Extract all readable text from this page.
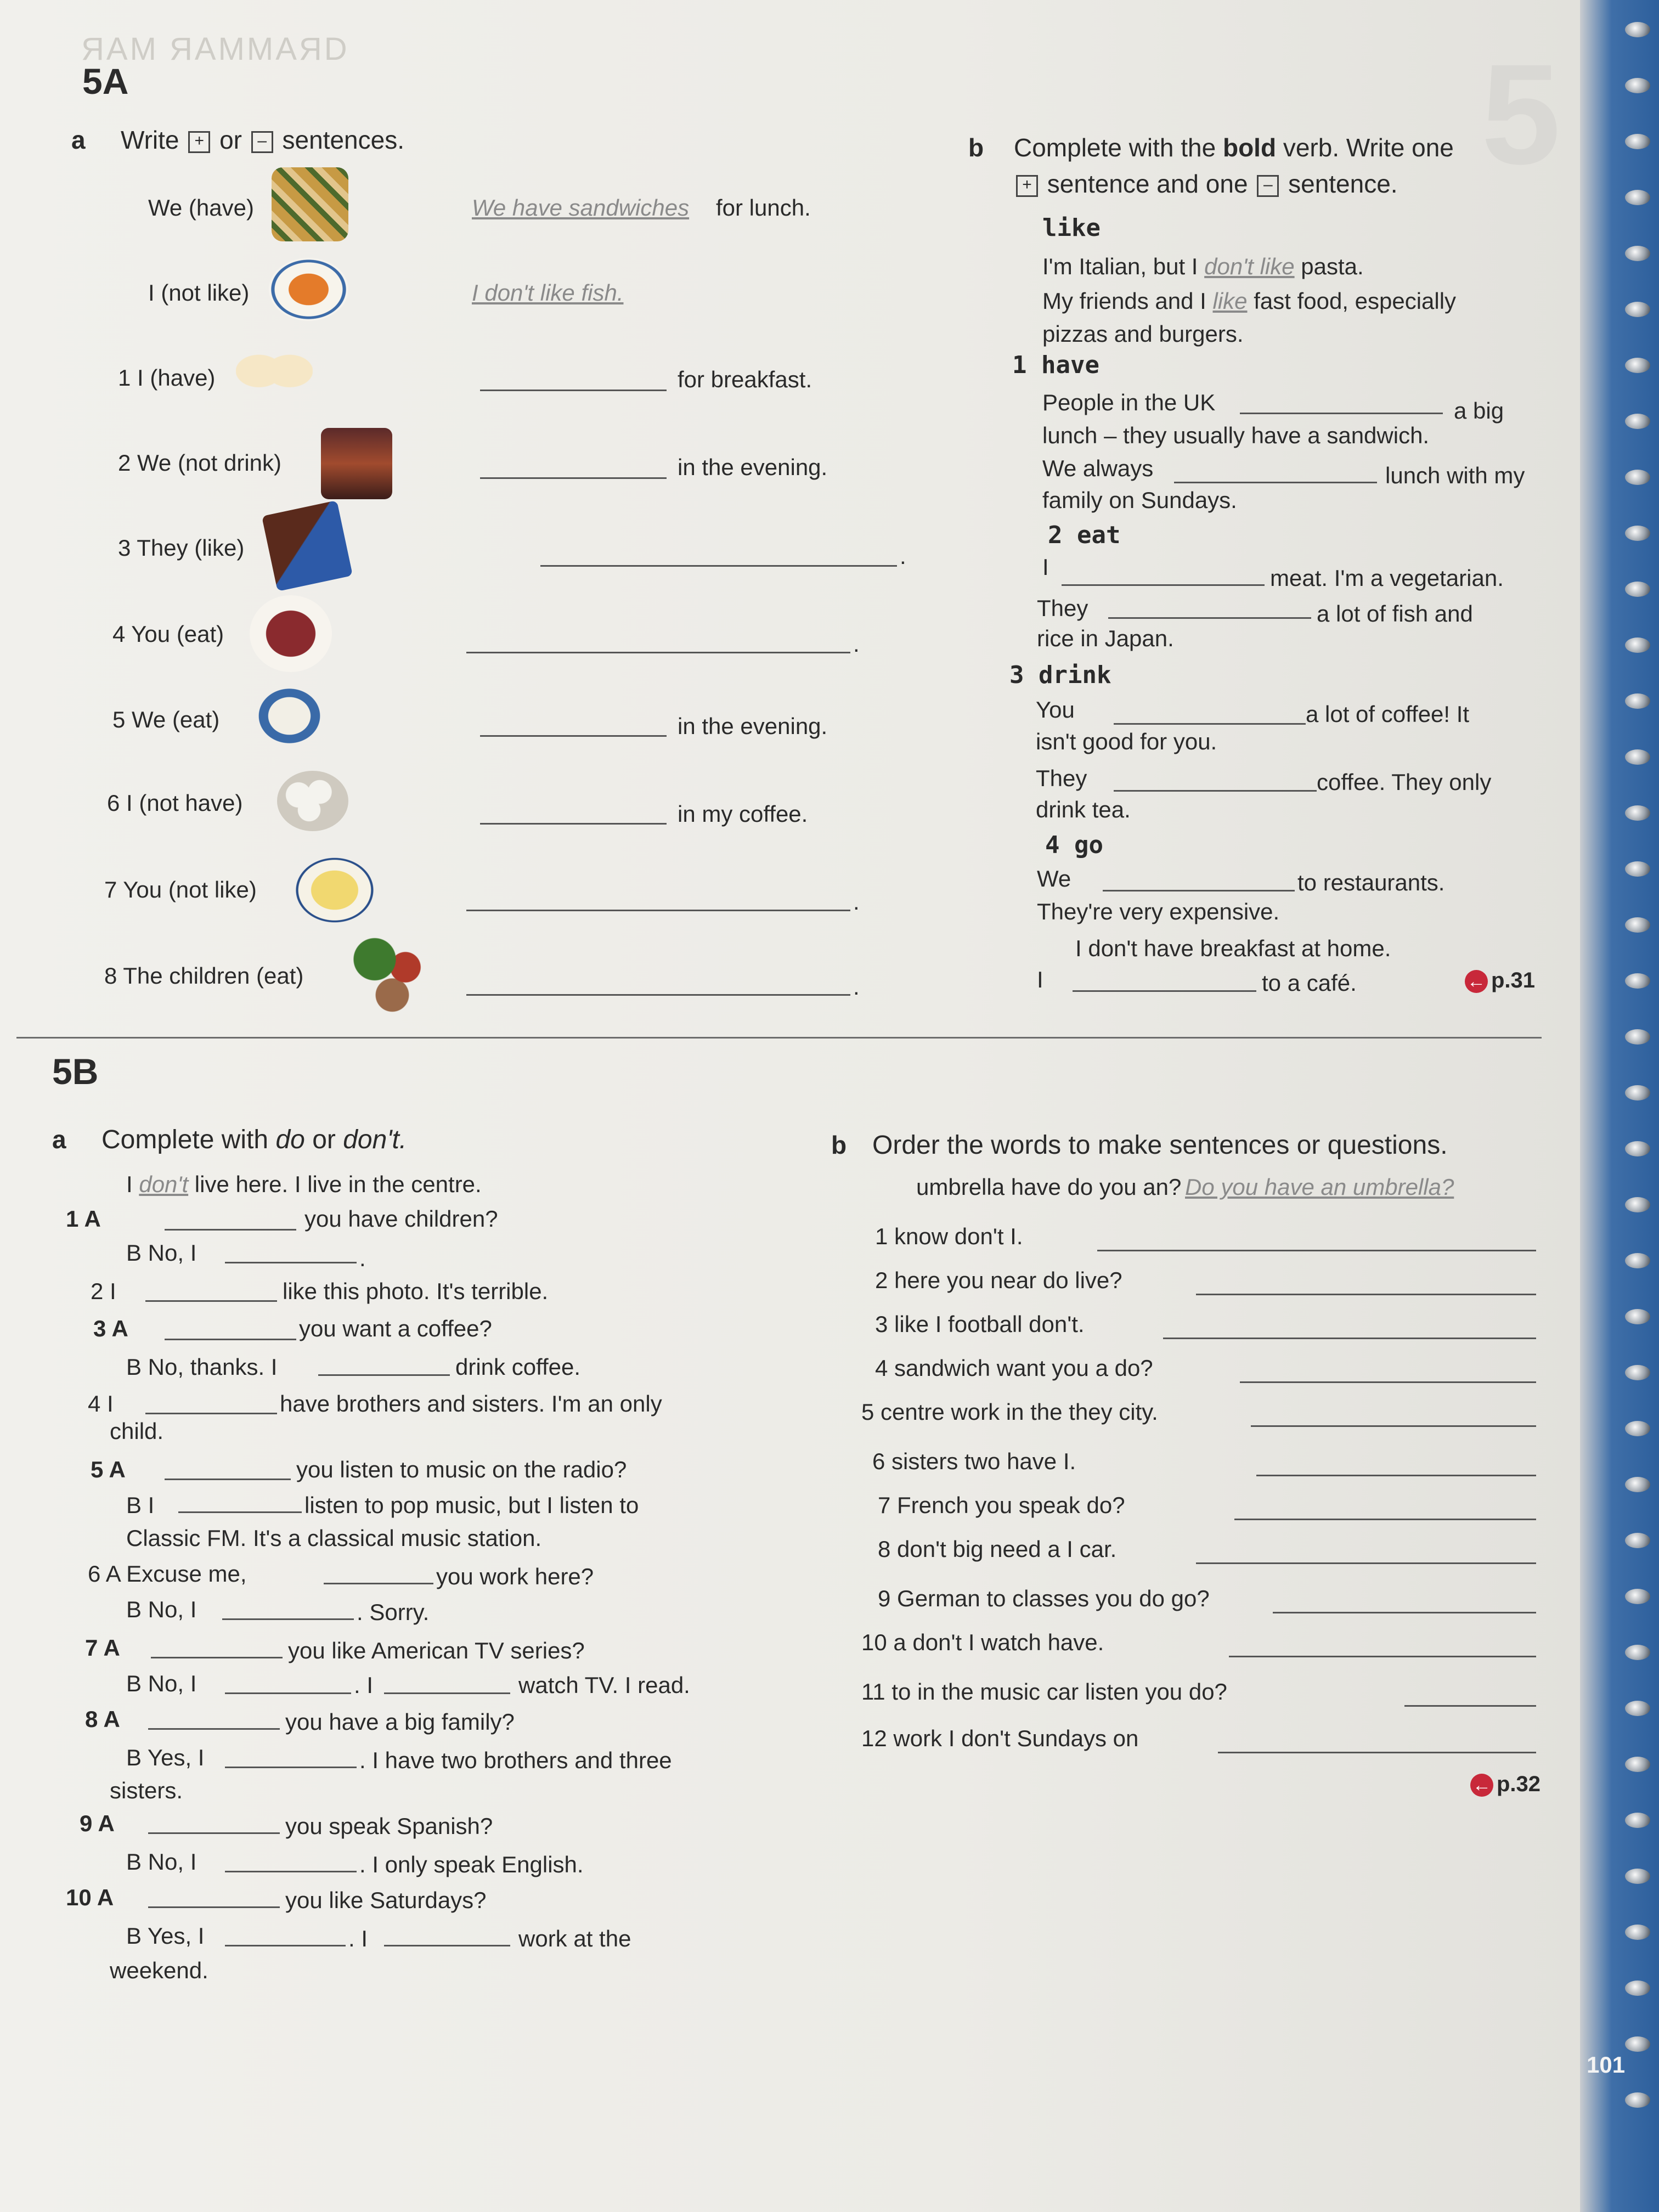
5
ЯАМ ЯАММАЯD
101
5A
a Write + or – sentences.
We (have)	We have sandwiches for lunch.
I (not like)	I don't like fish.
1 I (have)	for breakfast.
2 We (not drink)	in the evening.
3 They (like)	.
4 You (eat)	.
5 We (eat)	in the evening.
6 I (not have)	in my coffee.
7 You (not like)	.
8 The children (eat)	.
b Complete with the bold verb. Write one
+ sentence and one – sentence.
like
I'm Italian, but I don't like pasta.
My friends and I like fast food, especially
pizzas and burgers.
1 have
People in the UK	a big
lunch – they usually have a sandwich.
We always	lunch with my
family on Sundays.
2 eat
I	meat. I'm a vegetarian.
They	a lot of fish and
rice in Japan.
3 drink
You	a lot of coffee! It
isn't good for you.
They	coffee. They only
drink tea.
4 go
We	to restaurants.
They're very expensive.
I don't have breakfast at home.
I	to a café.	← p.31
5B
a Complete with do or don't.
I don't live here. I live in the centre.
1 A	you have children?
B No, I	.
2 I	like this photo. It's terrible.
3 A	you want a coffee?
B No, thanks. I	drink coffee.
4 I	have brothers and sisters. I'm an only
child.
5 A	you listen to music on the radio?
B I	listen to pop music, but I listen to
Classic FM. It's a classical music station.
6 A Excuse me,	you work here?
B No, I	. Sorry.
7 A	you like American TV series?
B No, I	. I	watch TV. I read.
8 A	you have a big family?
B Yes, I	. I have two brothers and three
sisters.
9 A	you speak Spanish?
B No, I	. I only speak English.
10 A	you like Saturdays?
B Yes, I	. I	work at the
weekend.
b Order the words to make sentences or questions.
umbrella have do you an? Do you have an umbrella?
1 know don't I.
2 here you near do live?
3 like I football don't.
4 sandwich want you a do?
5 centre work in the they city.
6 sisters two have I.
7 French you speak do?
8 don't big need a I car.
9 German to classes you do go?
10 a don't I watch have.
11 to in the music car listen you do?
12 work I don't Sundays on
← p.32
